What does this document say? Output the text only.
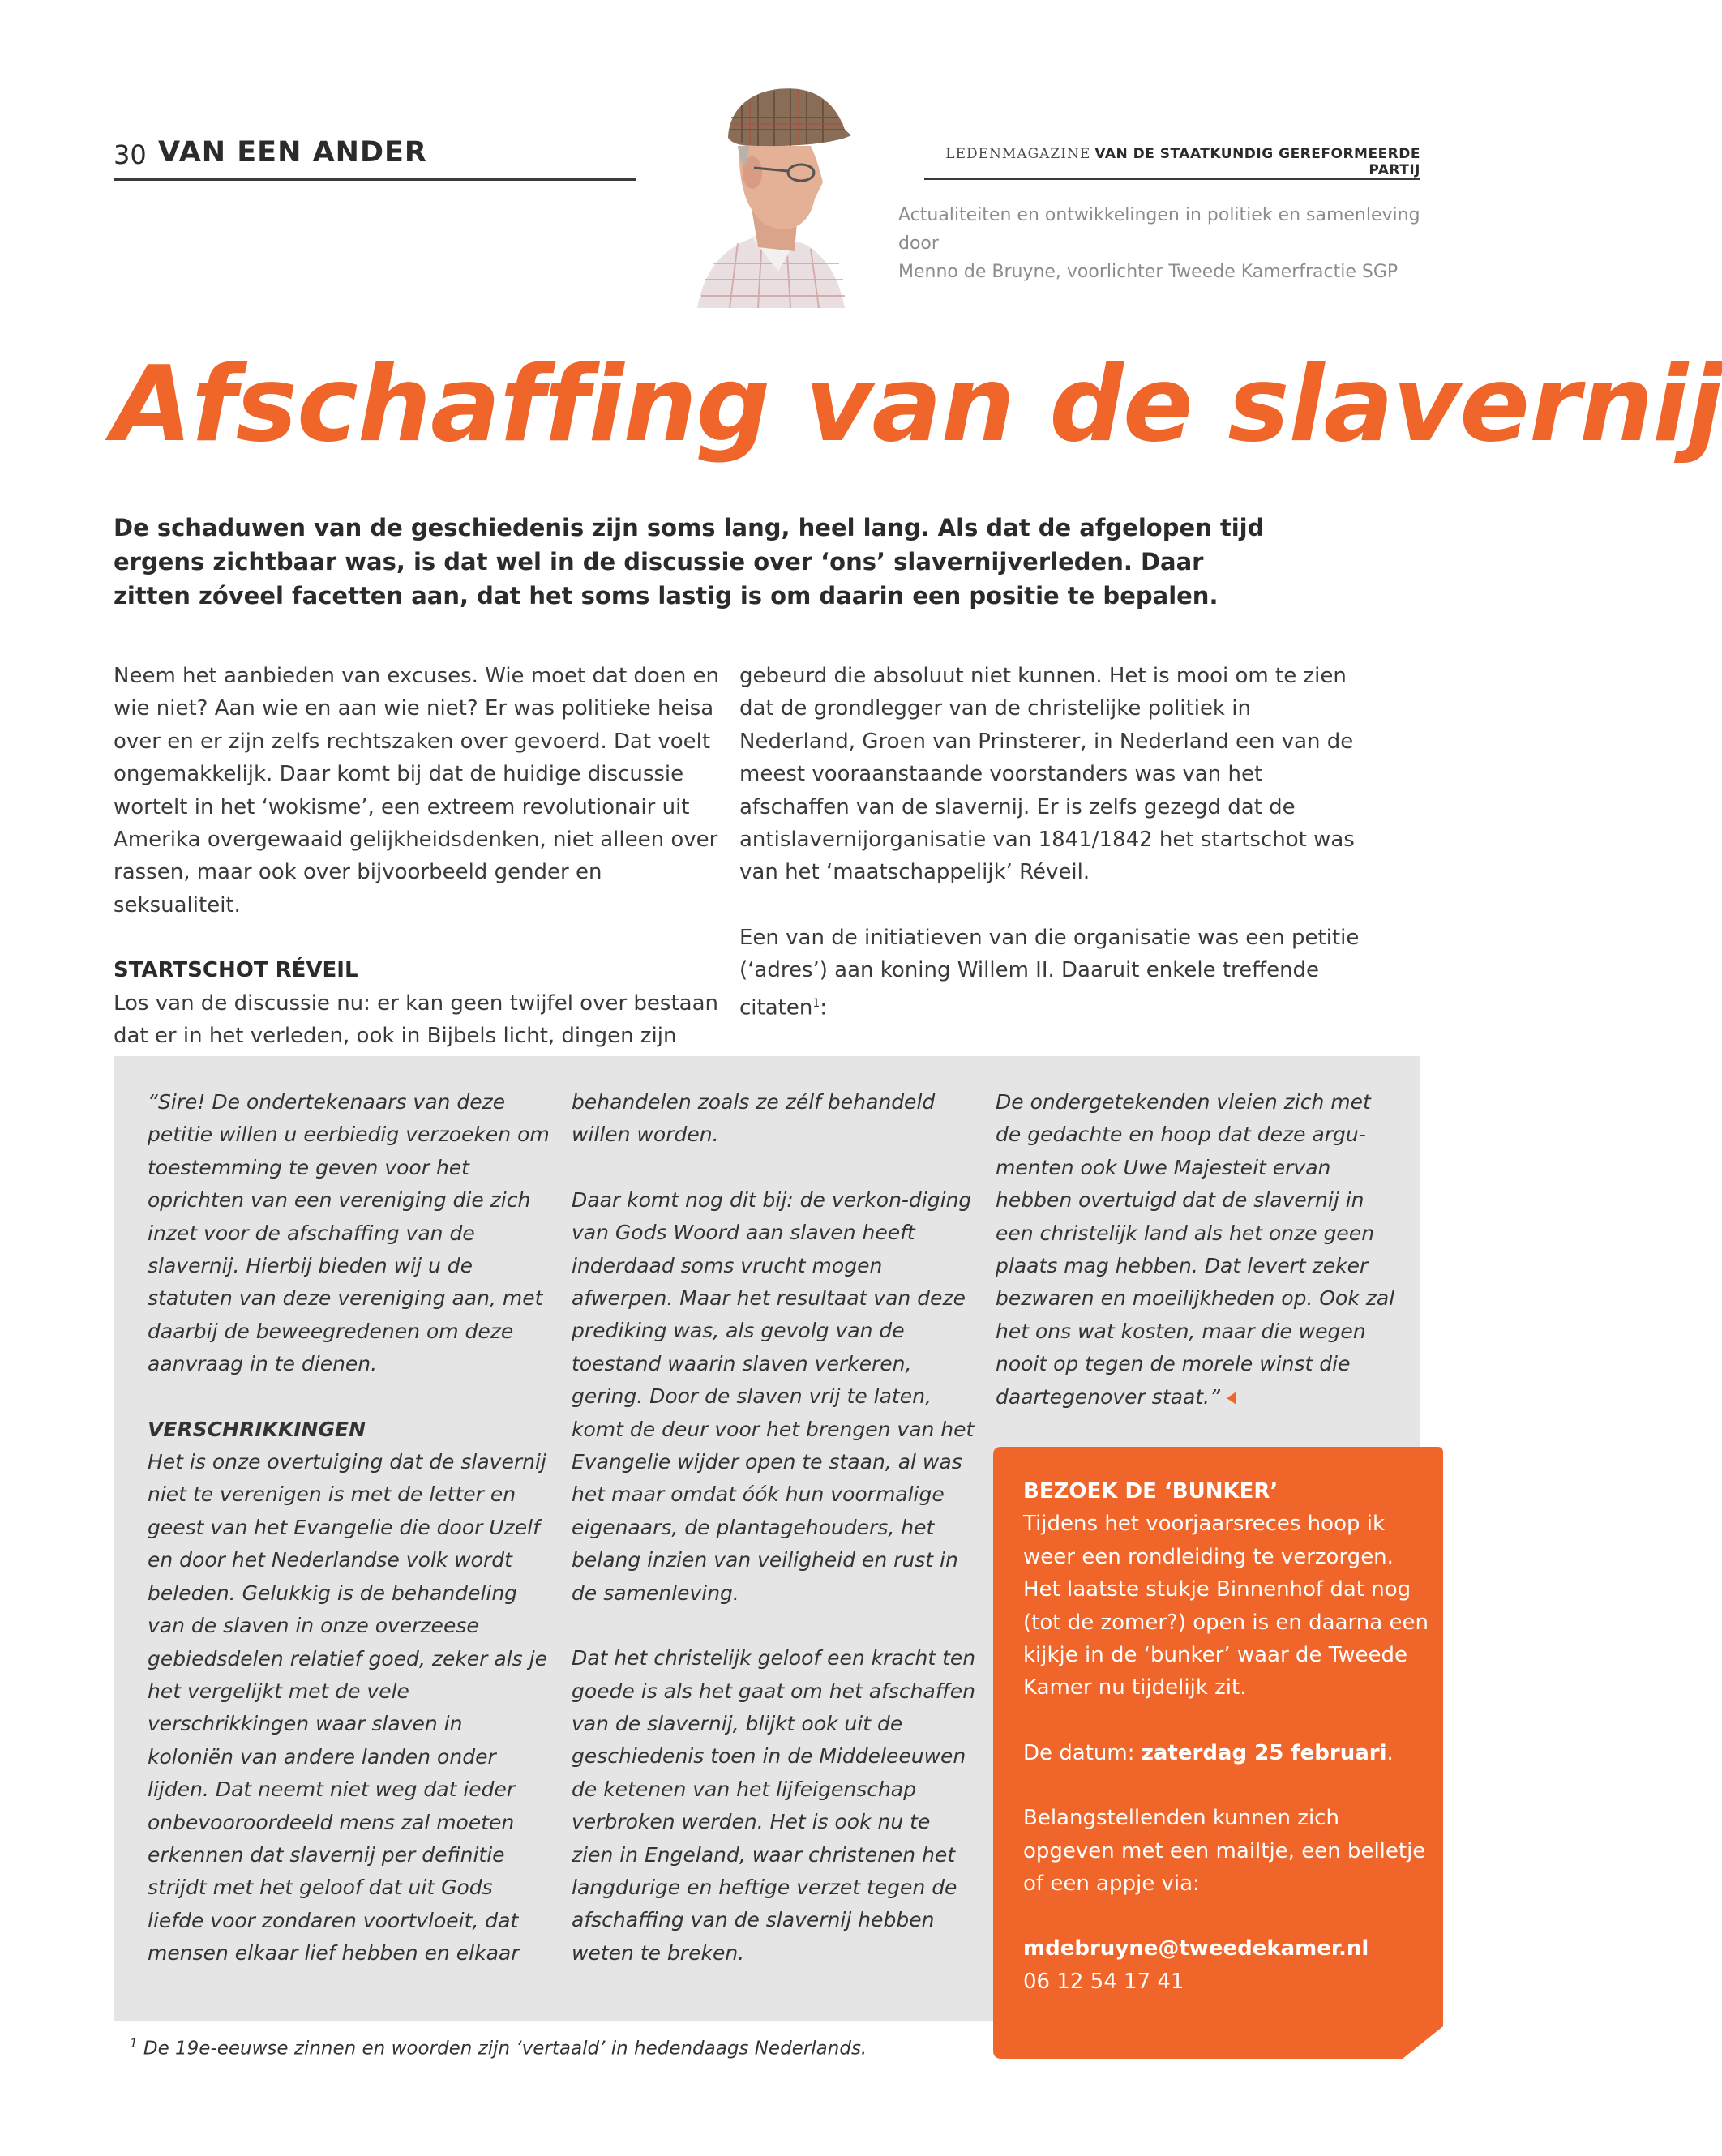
30 VAN EEN ANDER	LEDENMAGAZINE VAN DE STAATKUNDIG GEREFORMEERDE PARTIJ
Actualiteiten en ontwikkelingen in politiek en samenleving door
Menno de Bruyne, voorlichter Tweede Kamerfractie SGP
Afschaffing van de slavernij
De schaduwen van de geschiedenis zijn soms lang, heel lang. Als dat de afgelopen tijd ergens zichtbaar was, is dat wel in de discussie over ‘ons’ slavernijverleden. Daar zitten zóveel facetten aan, dat het soms lastig is om daarin een positie te bepalen.

Neem het aanbieden van excuses. Wie moet dat doen en wie niet? Aan wie en aan wie niet? Er was politieke heisa over en er zijn zelfs rechtszaken over gevoerd. Dat voelt ongemakkelijk. Daar komt bij dat de huidige discussie wortelt in het ‘wokisme’, een extreem revolutionair uit Amerika overgewaaid gelijkheidsdenken, niet alleen over rassen, maar ook over bijvoorbeeld gender en seksualiteit.

STARTSCHOT RÉVEIL

Los van de discussie nu: er kan geen twijfel over bestaan dat er in het verleden, ook in Bijbels licht, dingen zijn

gebeurd die absoluut niet kunnen. Het is mooi om te zien dat de grondlegger van de christelijke politiek in Nederland, Groen van Prinsterer, in Nederland een van de meest vooraanstaande voorstanders was van het afschaffen van de slavernij. Er is zelfs gezegd dat de antislavernijorganisatie van 1841/1842 het startschot was van het ‘maatschappelijk’ Réveil.

Een van de initiatieven van die organisatie was een petitie (‘adres’) aan koning Willem II. Daaruit enkele treffende citaten$^1$:

“Sire! De ondertekenaars van deze petitie willen u eerbiedig verzoeken om toestemming te geven voor het oprichten van een vereniging die zich inzet voor de afschaffing van de slavernij. Hierbij bieden wij u de statuten van deze vereniging aan, met daarbij de beweegredenen om deze aanvraag in te dienen.

VERSCHRIKKINGEN

Het is onze overtuiging dat de slavernij niet te verenigen is met de letter en geest van het Evangelie die door Uzelf en door het Nederlandse volk wordt beleden. Gelukkig is de behandeling van de slaven in onze overzeese gebiedsdelen relatief goed, zeker als je het vergelijkt met de vele verschrikkingen waar slaven in koloniën van andere landen onder lijden. Dat neemt niet weg dat ieder onbevooroordeeld mens zal moeten erkennen dat slavernij per definitie strijdt met het geloof dat uit Gods liefde voor zondaren voortvloeit, dat mensen elkaar lief hebben en elkaar

behandelen zoals ze zélf behandeld willen worden.

Daar komt nog dit bij: de verkon-diging van Gods Woord aan slaven heeft inderdaad soms vrucht mogen afwerpen. Maar het resultaat van deze prediking was, als gevolg van de toestand waarin slaven verkeren, gering. Door de slaven vrij te laten, komt de deur voor het brengen van het Evangelie wijder open te staan, al was het maar omdat óók hun voormalige eigenaars, de plantagehouders, het belang inzien van veiligheid en rust in de samenleving.

Dat het christelijk geloof een kracht ten goede is als het gaat om het afschaffen van de slavernij, blijkt ook uit de geschiedenis toen in de Middeleeuwen de ketenen van het lijfeigenschap verbroken werden. Het is ook nu te zien in Engeland, waar christenen het langdurige en heftige verzet tegen de afschaffing van de slavernij hebben weten te breken.

De ondergetekenden vleien zich met de gedachte en hoop dat deze argu-menten ook Uwe Majesteit ervan hebben overtuigd dat de slavernij in een christelijk land als het onze geen plaats mag hebben. Dat levert zeker bezwaren en moeilijkheden op. Ook zal het ons wat kosten, maar die wegen nooit op tegen de morele winst die daartegenover staat.”

BEZOEK DE ‘BUNKER’

Tijdens het voorjaarsreces hoop ik weer een rondleiding te verzorgen. Het laatste stukje Binnenhof dat nog (tot de zomer?) open is en daarna een kijkje in de ‘bunker’ waar de Tweede Kamer nu tijdelijk zit.

De datum: zaterdag 25 februari.

Belangstellenden kunnen zich opgeven met een mailtje, een belletje of een appje via:

mdebruyne@tweedekamer.nl

06 12 54 17 41

$^1$ De 19e-eeuwse zinnen en woorden zijn ‘vertaald’ in hedendaags Nederlands.
